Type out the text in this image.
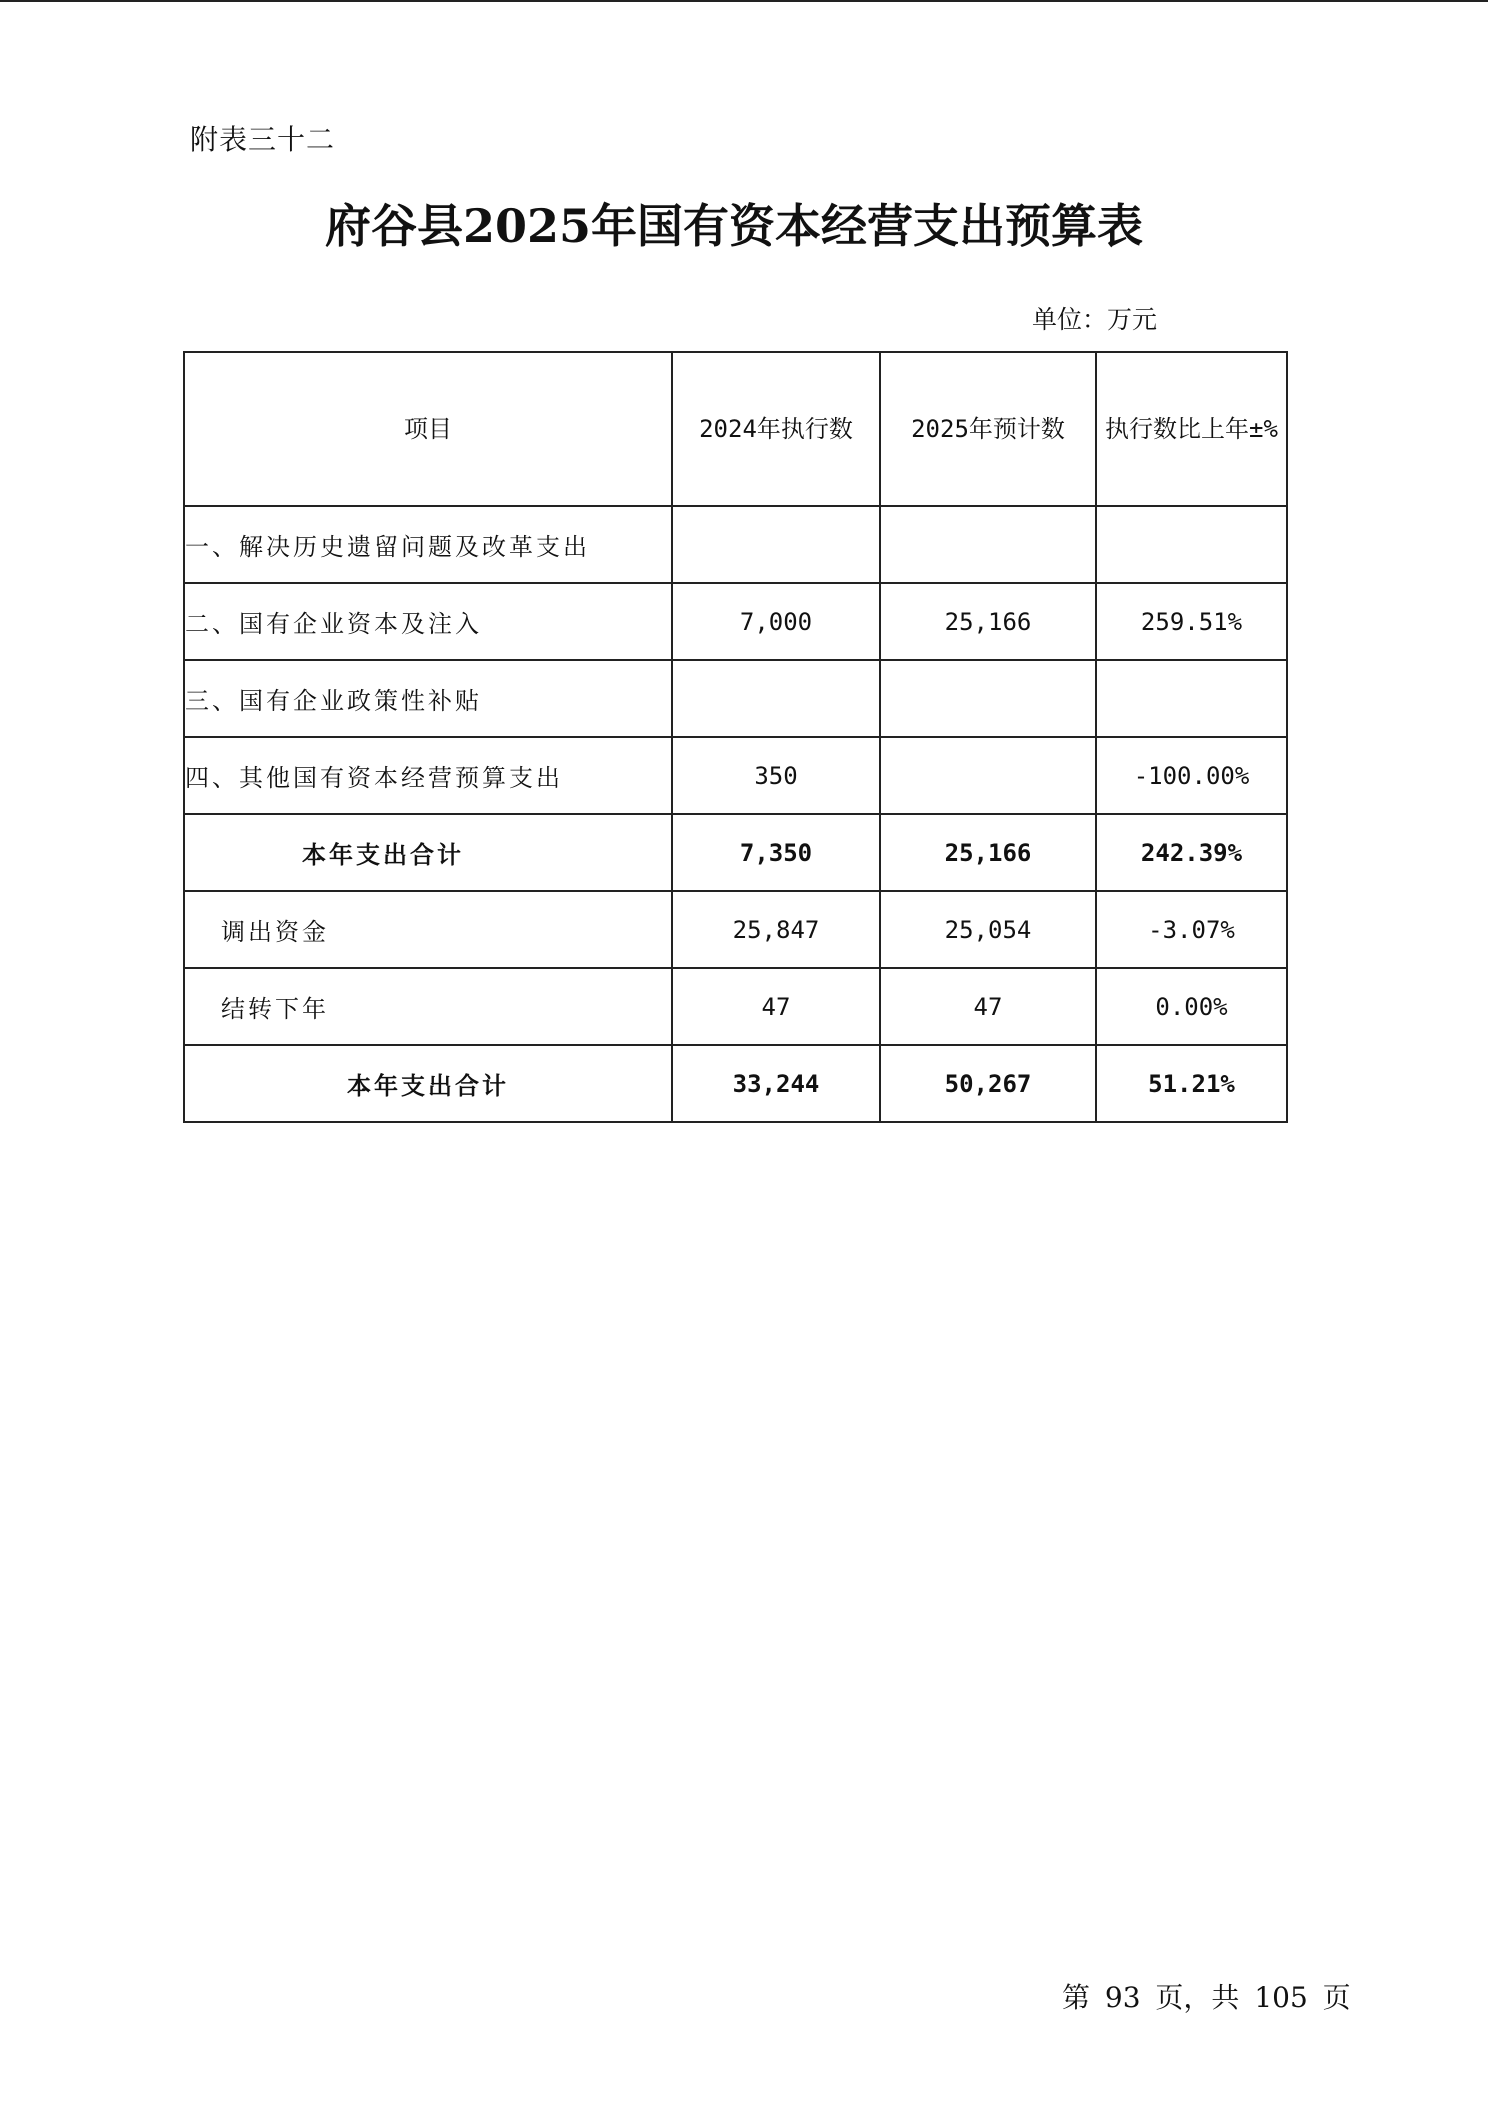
附表三十二
府谷县2025年国有资本经营支出预算表
单位：万元
项目	2024年执行数	2025年预计数	执行数比上年±%
一、解决历史遗留问题及改革支出			
二、国有企业资本及注入	7,000	25,166	259.51%
三、国有企业政策性补贴			
四、其他国有资本经营预算支出	350		-100.00%
本年支出合计	7,350	25,166	242.39%
调出资金	25,847	25,054	-3.07%
结转下年	47	47	0.00%
本年支出合计	33,244	50,267	51.21%
第 93 页，共 105 页
